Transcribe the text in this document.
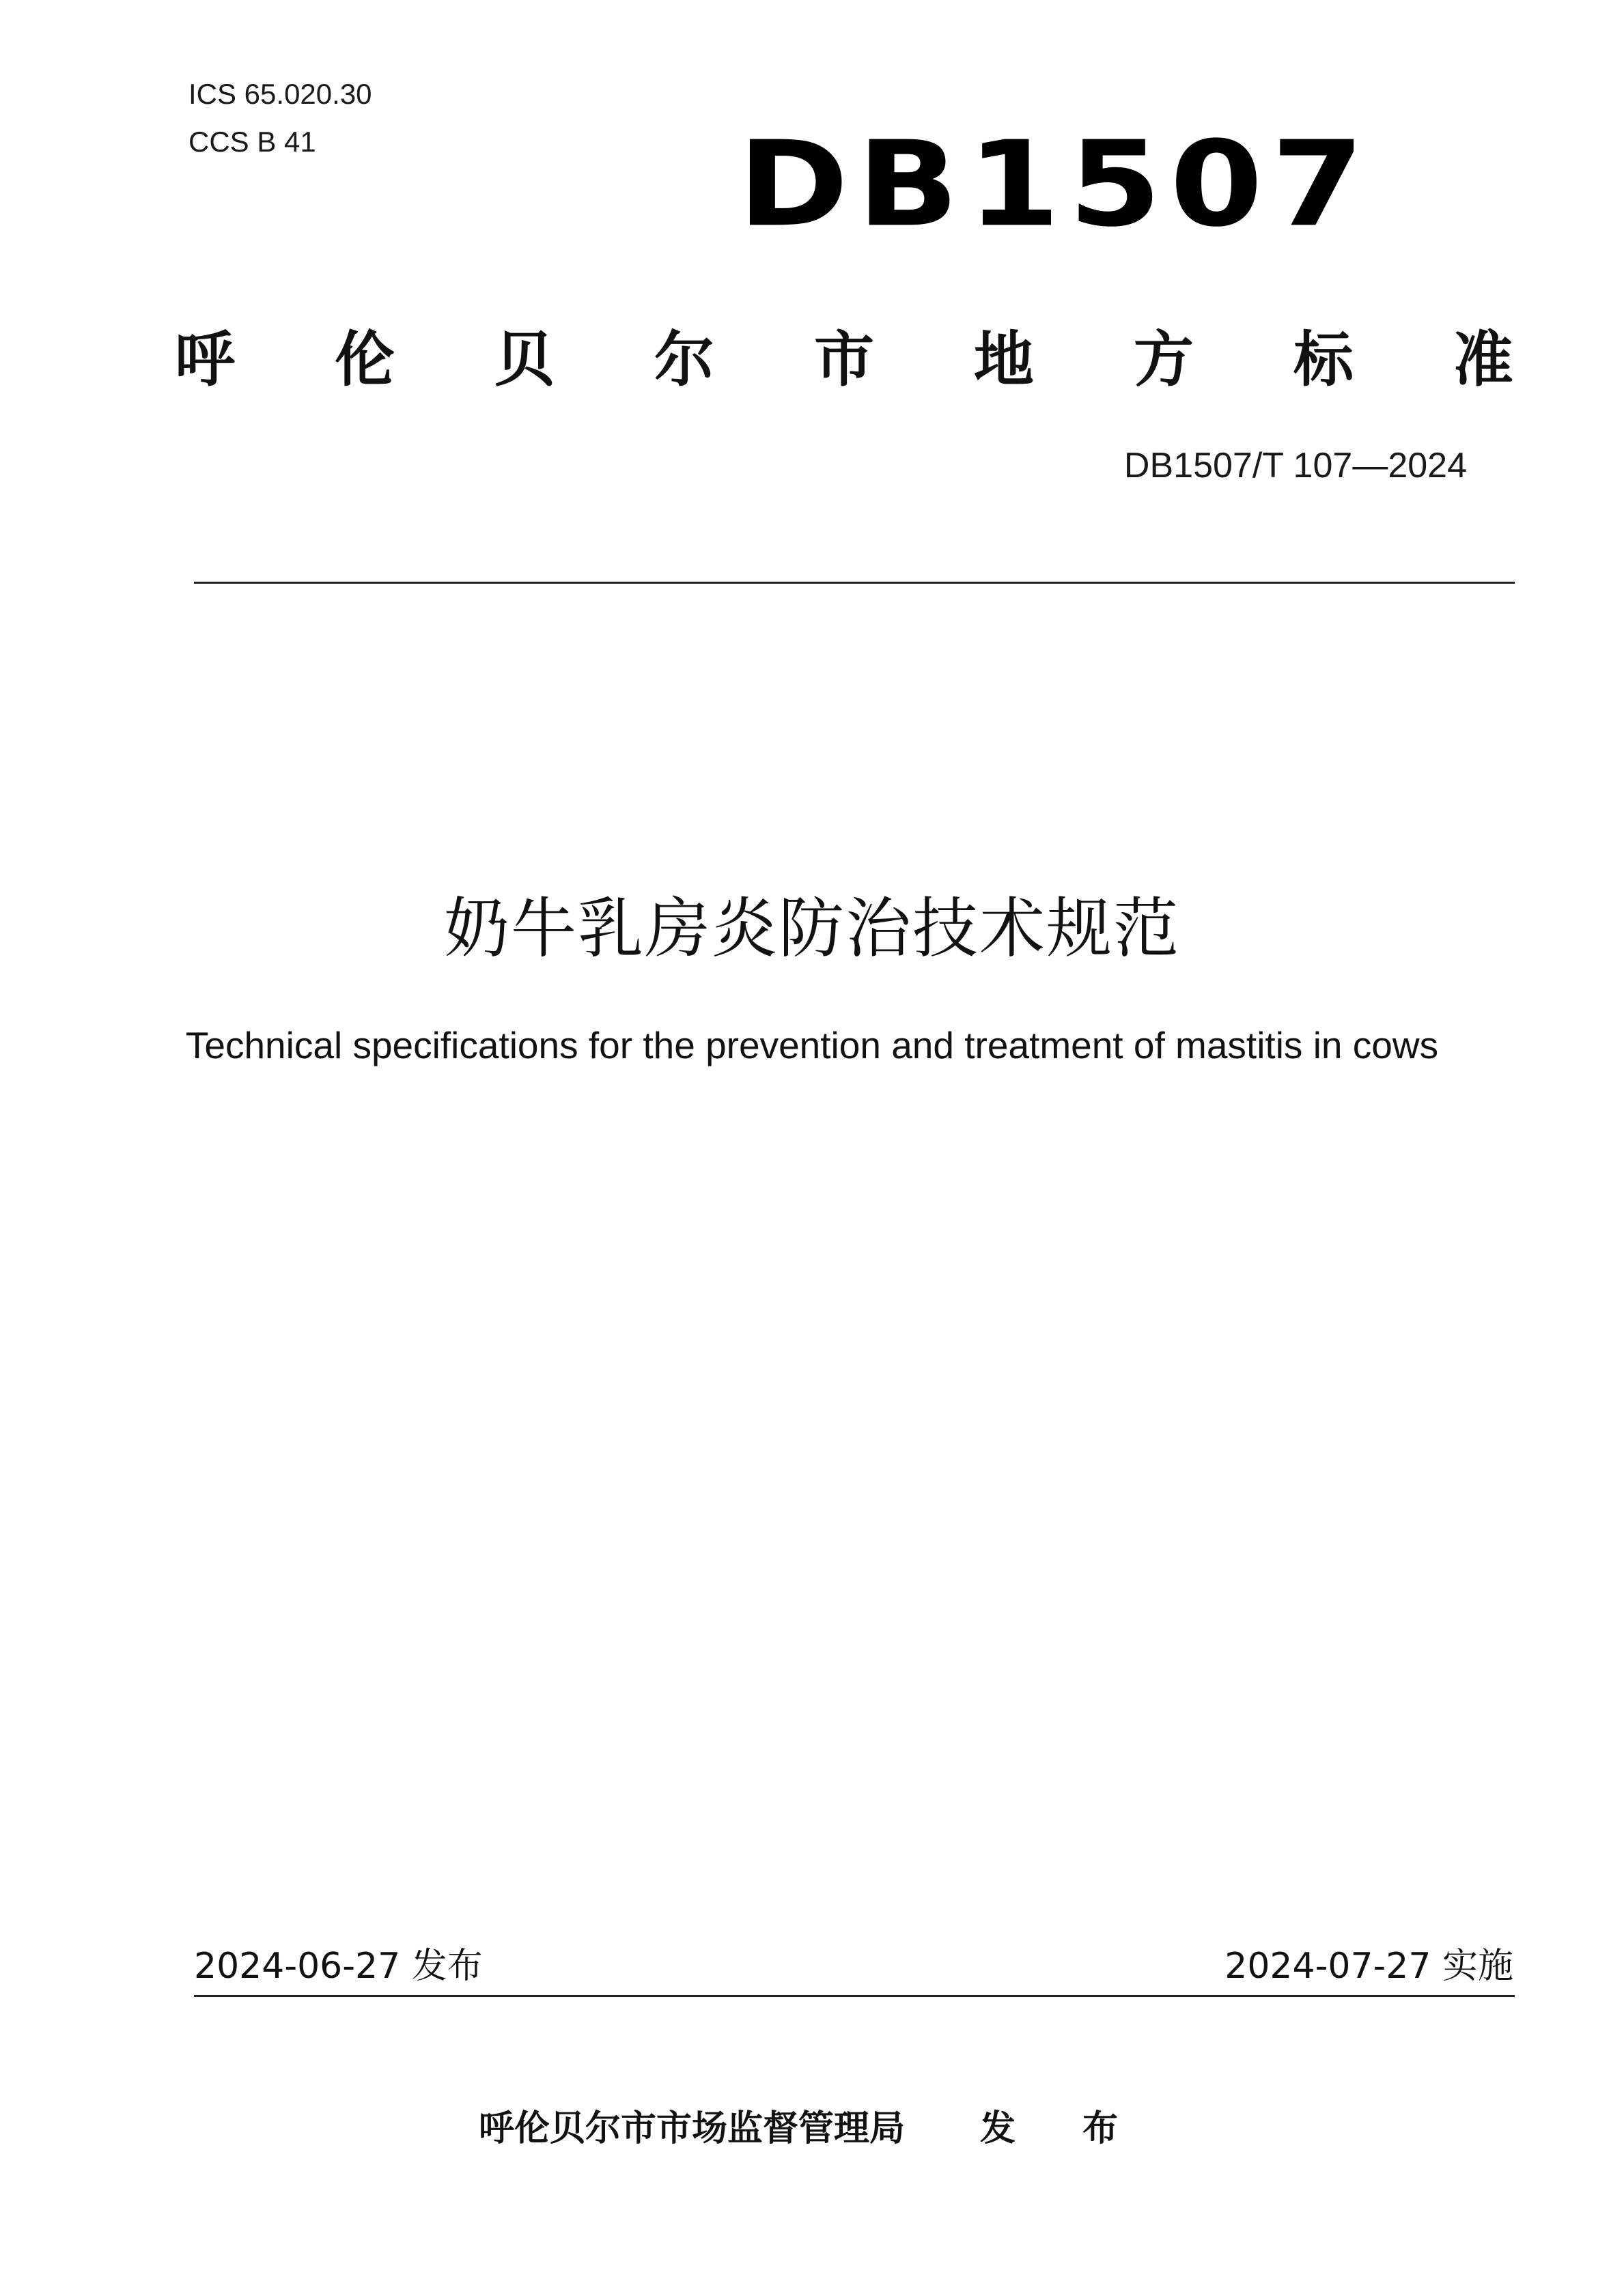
ICS 65.020.30
CCS B 41	DB1507
呼 伦 贝 尔 市 地 方 标 准
DB1507/T 107—2024
奶牛乳房炎防治技术规范
Technical specifications for the prevention and treatment of mastitis in cows
2024-06-27 发布	2024-07-27 实施
呼伦贝尔市市场监督管理局 发 布
